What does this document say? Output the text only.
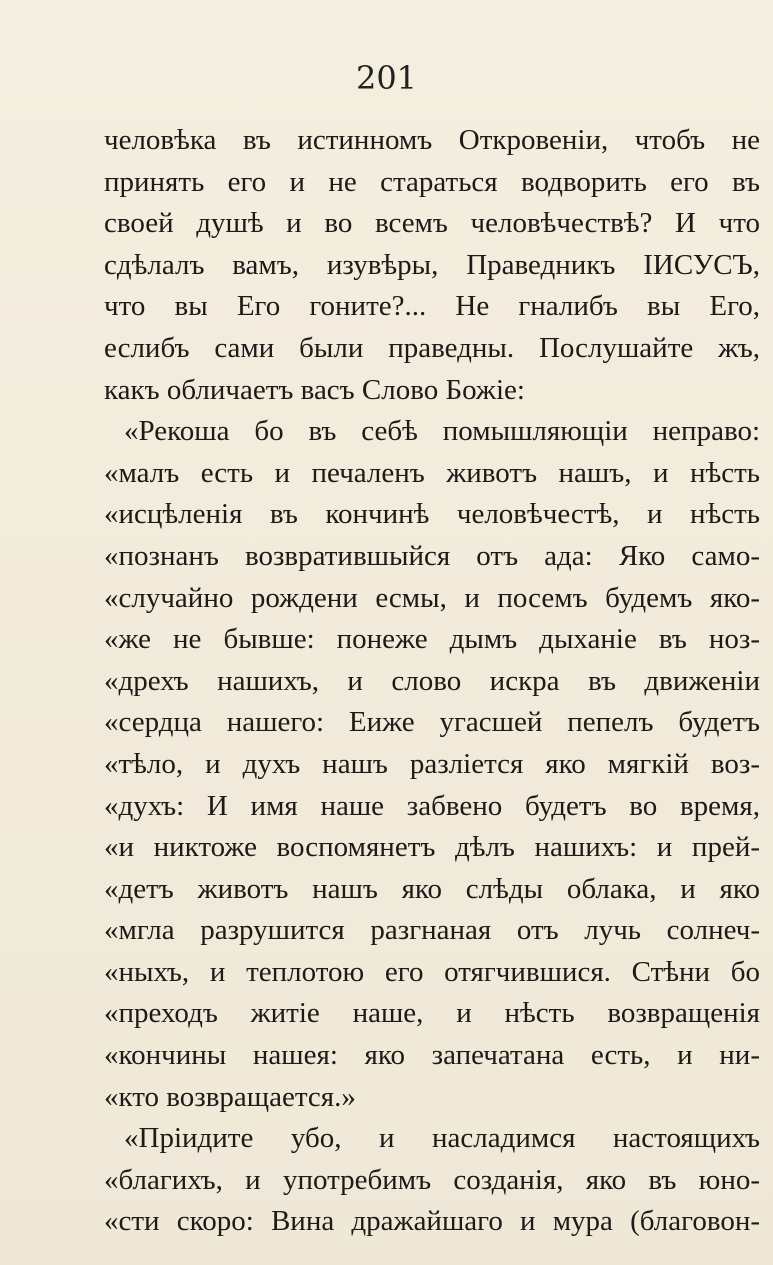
201
человѣка въ истинномъ Откровеніи, чтобъ не
принять его и не стараться водворить его въ
своей душѣ и во всемъ человѣчествѣ? И что
сдѣлалъ вамъ, изувѣры, Праведникъ ІИСУСЪ,
что вы Его гоните?... Не гналибъ вы Его,
еслибъ сами были праведны. Послушайте жъ,
какъ обличаетъ васъ Слово Божіе:
«Рекоша бо въ себѣ помышляющіи неправо:
«малъ есть и печаленъ животъ нашъ, и нѣсть
«исцѣленія въ кончинѣ человѣчестѣ, и нѣсть
«познанъ возвратившыйся отъ ада: Яко само-
«случайно рождени есмы, и посемъ будемъ яко-
«же не бывше: понеже дымъ дыханіе въ ноз-
«дрехъ нашихъ, и слово искра въ движеніи
«сердца нашего: Еиже угасшей пепелъ будетъ
«тѣло, и духъ нашъ разліется яко мягкій воз-
«духъ: И имя наше забвено будетъ во время,
«и никтоже воспомянетъ дѣлъ нашихъ: и прей-
«детъ животъ нашъ яко слѣды облака, и яко
«мгла разрушится разгнаная отъ лучь солнеч-
«ныхъ, и теплотою его отягчившися. Стѣни бо
«преходъ житіе наше, и нѣсть возвращенія
«кончины нашея: яко запечатана есть, и ни-
«кто возвращается.»
«Пріидите убо, и насладимся настоящихъ
«благихъ, и употребимъ созданія, яко въ юно-
«сти скоро: Вина дражайшаго и мура (благовон-
